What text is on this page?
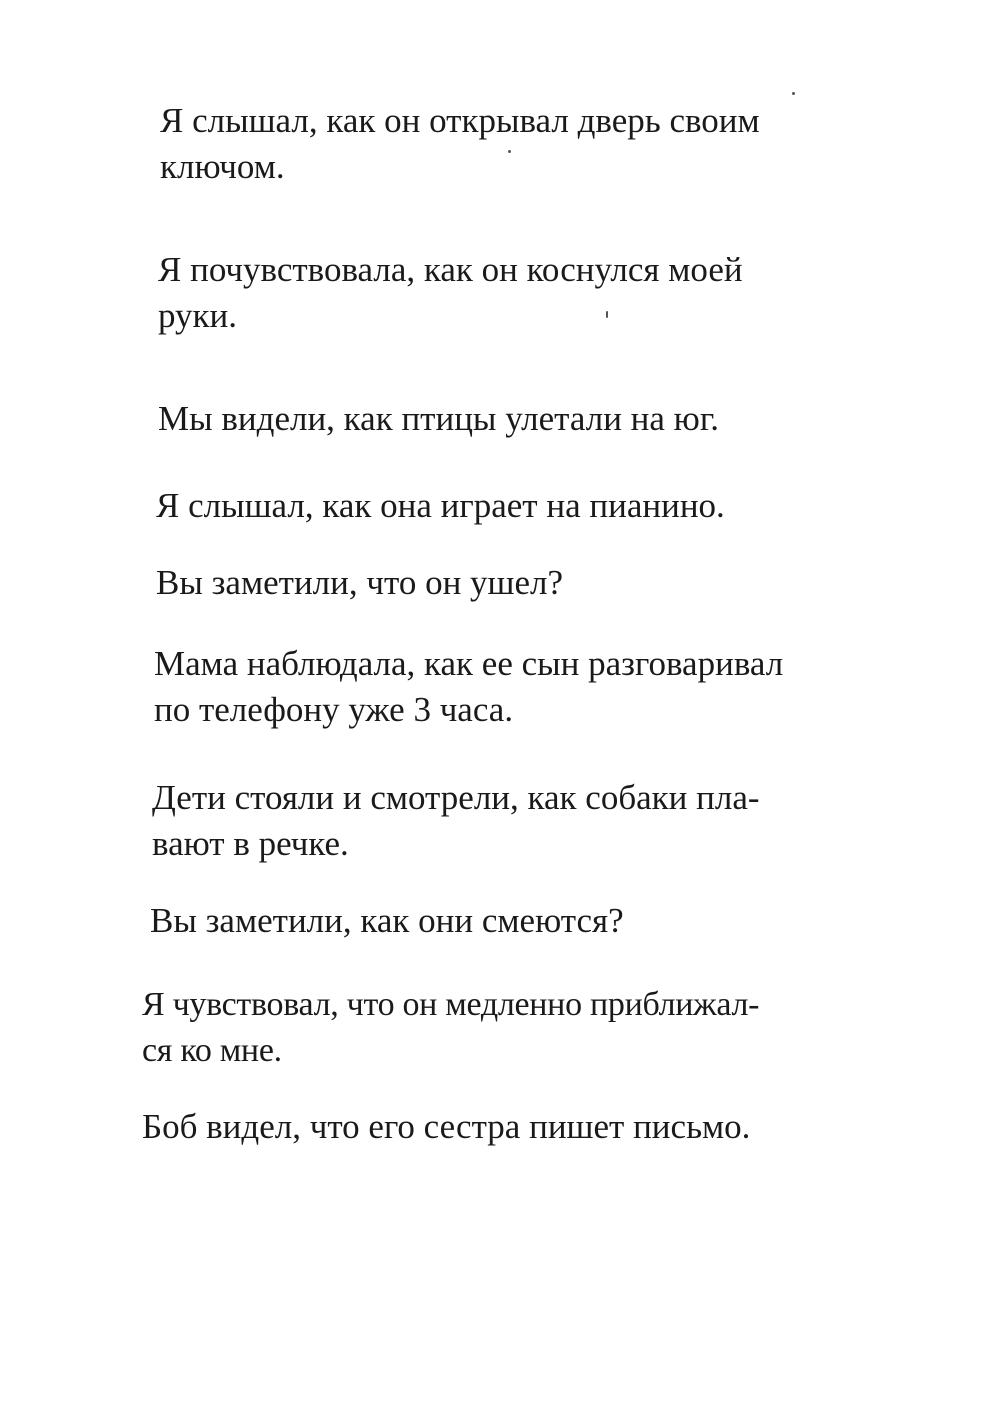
Я слышал, как он открывал дверь своим
ключом.

Я почувствовала, как он коснулся моей
руки.

Мы видели, как птицы улетали на юг.

Я слышал, как она играет на пианино.

Вы заметили, что он ушел?

Мама наблюдала, как ее сын разговаривал
по телефону уже 3 часа.

Дети стояли и смотрели, как собаки пла-
вают в речке.

Вы заметили, как они смеются?

Я чувствовал, что он медленно приближал-
ся ко мне.

Боб видел, что его сестра пишет письмо.
